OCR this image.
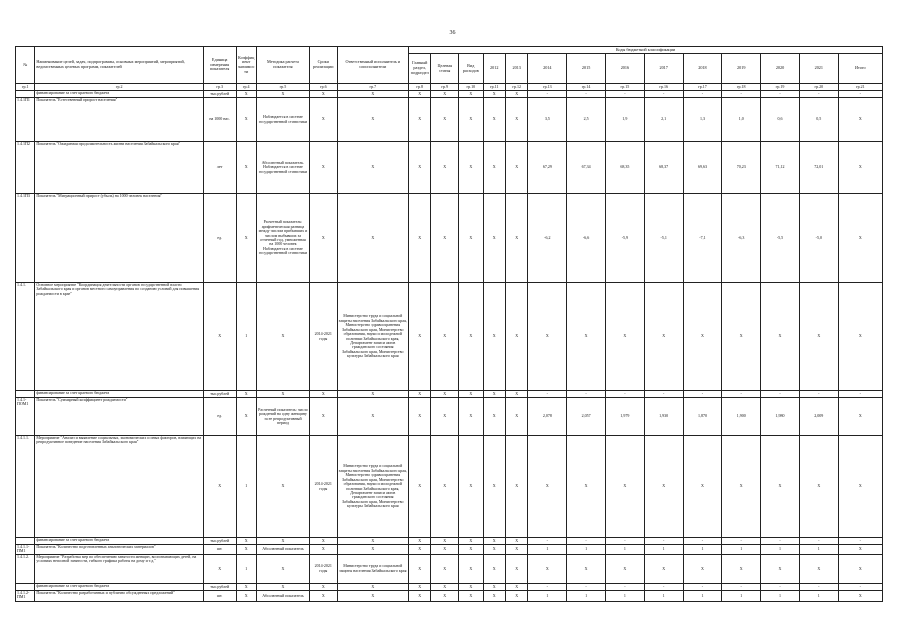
36
№	Наименование целей, задач, подпрограммы, основных мероприятий, мероприятий, ведомственных целевых программ, показателей	Единица измерения показателя	Коэффициент значимости	Методика расчета показателя	Сроки реализации	Ответственный исполнитель и соисполнители	Коды бюджетной классификации													
							Главный раздел, подраздел	Целевая статья	Вид расходов	2012	2013	2014	2015	2016	2017	2018	2019	2020	2021	Итого
гр.1	гр.2	гр.3	гр.4	гр.5	гр.6	гр.7	гр.8	гр.9	гр.10	гр.11	гр.12	гр.13	гр.14	гр.15	гр.16	гр.17	гр.18	гр.19	гр.20	гр.21
	финансирование за счет краевого бюджета	тыс.рублей	Х	Х	Х	Х	Х	Х	Х	Х	Х	-	-	-	-	-	-	-	-	-
1.4.1П1	Показатель "Естественный прирост населения"	на 1000 нас.	Х	Наблюдается в системе государственной статистики	Х	Х	Х	Х	Х	Х	Х	3,5	2,5	1,9	2,1	1,3	1,0	0,6	0,5	Х
1.4.1П2	Показатель "Ожидаемая продолжительность жизни населения Забайкальского края"	лет	Х	Абсолютный показатель. Наблюдается в системе государственной статистики	Х	Х	Х	Х	Х	Х	Х	67,29	67,34	68,35	68,37	69,63	70,23	71,12	72,01	Х
1.4.1П3	Показатель "Миграционный прирост (убыль) на 1000 человек населения"	ед.	Х	Расчетный показатель: арифметическая разница между числом прибывших и числом выбывших за отчетный год, умноженная на 1000 человек Наблюдается в системе государственной статистики	Х	Х	Х	Х	Х	Х	Х	-6,2	-6,6	-5,9	-5,1	-7,1	-6,3	-5,5	-5,0	Х
1.4.1.	Основное мероприятие "Координация деятельности органов государственной власти Забайкальского края и органов местного самоуправления по созданию условий для повышения рождаемости в крае"	Х	1	Х	2014-2021 годы	Министерство труда и социальной защиты населения Забайкальского края, Министерство здравоохранения Забайкальского края, Министерство образования, науки и молодежной политики Забайкальского края, Департамент записи актов гражданского состояния Забайкальского края, Министерство культуры Забайкальского края	Х	Х	Х	Х	Х	Х	Х	Х	Х	Х	Х	Х	Х	Х
	финансирование за счет краевого бюджета	тыс.рублей	Х	Х	Х	Х	Х	Х	Х	Х	Х	-	-	-	-	-	-	-	-	-
1.4.1-ПОМ1	Показатель "Суммарный коэффициент рождаемости"	ед.	Х	Расчетный показатель: число рождений на одну женщину за ее репродуктивный период	Х	Х	Х	Х	Х	Х	Х	2,078	2,057	1,979	1,930	1,870	1,900	1,980	2,009	Х
1.4.1.1.	Мероприятие "Анализ и выявление социальных, экономических и иных факторов, влияющих на репродуктивное поведение населения Забайкальского края"	Х	1	Х	2014-2021 годы	Министерство труда и социальной защиты населения Забайкальского края, Министерство здравоохранения Забайкальского края, Министерство образования, науки и молодежной политики Забайкальского края, Департамент записи актов гражданского состояния Забайкальского края, Министерство культуры Забайкальского края	Х	Х	Х	Х	Х	Х	Х	Х	Х	Х	Х	Х	Х	Х
	финансирование за счет краевого бюджета	тыс.рублей	Х	Х	Х	Х	Х	Х	Х	Х	Х	-	-	-	-	-	-	-	-	-
1.4.1.1-ПМ1	Показатель "Количество подготовленных аналитических материалов"	шт.	Х	Абсолютный показатель	Х	Х	Х	Х	Х	Х	Х	1	1	1	1	1	1	1	1	Х
1.4.1.2.	Мероприятие "Разработка мер по обеспечению занятости женщин, воспитывающих детей, на условиях неполной занятости, гибкого графика работы на дому и т.д."	Х	1	Х	2014-2021 годы	Министерство труда и социальной защиты населения Забайкальского края	Х	Х	Х	Х	Х	Х	Х	Х	Х	Х	Х	Х	Х	Х
	финансирование за счет краевого бюджета	тыс.рублей	Х	Х	Х	Х	Х	Х	Х	Х	Х	-	-	-	-	-	-	-	-	-
1.4.1.2-ПМ1	Показатель "Количество разработанных и публично обсужденных предложений"	шт.	Х	Абсолютный показатель	Х	Х	Х	Х	Х	Х	Х	1	1	1	1	1	1	1	1	Х
